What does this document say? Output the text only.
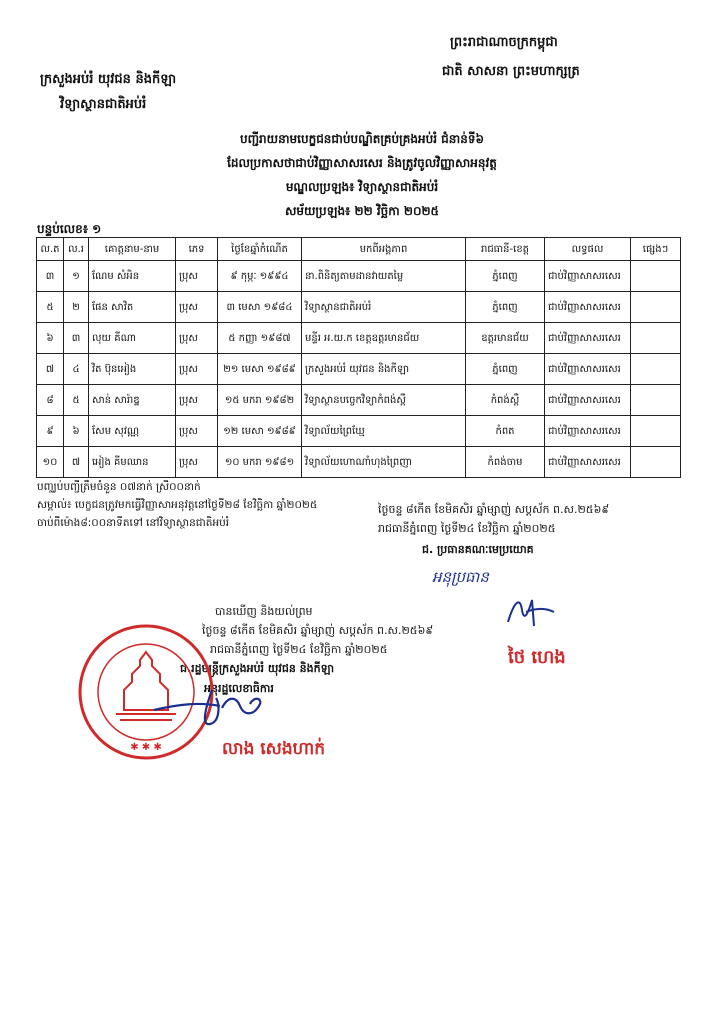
ព្រះរាជាណាចក្រកម្ពុជា
ជាតិ សាសនា ព្រះមហាក្សត្រ
ក្រសួងអប់រំ យុវជន និងកីឡា
វិទ្យាស្ថានជាតិអប់រំ
បញ្ជីរាយនាមបេក្ខជនជាប់បណ្ឌិតគ្រប់គ្រងអប់រំ ជំនាន់ទី៦
ដែលប្រកាសថាជាប់វិញ្ញាសាសរសេរ និងត្រូវចូលវិញ្ញាសាអនុវត្ត
មណ្ឌលប្រឡង៖ វិទ្យាស្ថានជាតិអប់រំ
សម័យប្រឡង៖ ២២ វិច្ឆិកា ២០២៥
បន្ទប់លេខ៖ ១
ល.ត	ល.រ	គោត្តនាម-នាម	ភេទ	ថ្ងៃខែឆ្នាំកំណើត	មកពីអង្គភាព	រាជធានី-ខេត្ត	លទ្ធផល	ផ្សេងៗ
៣	១	ណែម សំអិន	ប្រុស	៩ កុម្ភៈ ១៩៩៤	នា.ពិនិត្យតាមដានវាយតម្លៃ	ភ្នំពេញ	ជាប់វិញ្ញាសាសរសេរ	
៥	២	ផែន សាវិត	ប្រុស	៣ មេសា ១៩៨៤	វិទ្យាស្ថានជាតិអប់រំ	ភ្នំពេញ	ជាប់វិញ្ញាសាសរសេរ	
៦	៣	លុយ គីណា	ប្រុស	៥ កញ្ញា ១៩៨៧	មន្ទីរ អ.យ.ក ខេត្តឧត្តរមានជ័យ	ឧត្តរមានជ័យ	ជាប់វិញ្ញាសាសរសេរ	
៧	៤	វិត ប៊ុនអៀង	ប្រុស	២១ មេសា ១៩៨៩	ក្រសួងអប់រំ យុវជន និងកីឡា	ភ្នំពេញ	ជាប់វិញ្ញាសាសរសេរ	
៨	៥	សាន់ សារ៉ាឌ្ឋ	ប្រុស	១៥ មករា ១៩៨២	វិទ្យាស្ថានបច្ចេកវិទ្យាកំពង់ស្ពឺ	កំពង់ស្ពឺ	ជាប់វិញ្ញាសាសរសេរ	
៩	៦	សែម សុវណ្ណ	ប្រុស	១២ មេសា ១៩៨៩	វិទ្យាល័យព្រៃឃ្មែ	កំពត	ជាប់វិញ្ញាសាសរសេរ	
១០	៧	អៀង គីមឈាន	ប្រុស	១០ មករា ១៩៨១	វិទ្យាល័យហោណាំហុងព្រៃញា	កំពង់ចាម	ជាប់វិញ្ញាសាសរសេរ	
បញ្ឈប់បញ្ជីត្រឹមចំនួន ០៧នាក់ ស្រី០០នាក់
សម្គាល់៖ បេក្ខជនត្រូវមកធ្វើវិញ្ញាសាអនុវត្តនៅថ្ងៃទី២៨ ខែវិច្ឆិកា ឆ្នាំ២០២៥
ចាប់ពីម៉ោង៨:០០នាទីតទៅ នៅវិទ្យាស្ថានជាតិអប់រំ
ថ្ងៃចន្ទ ៨កើត ខែមិគសិរ ឆ្នាំម្សាញ់ សប្តស័ក ព.ស.២៥៦៩
រាជធានីភ្នំពេញ ថ្ងៃទី២៤ ខែវិច្ឆិកា ឆ្នាំ២០២៥
ជ. ប្រធានគណៈមេប្រយោគ
អនុប្រធាន
ថៃ ហេង
បានឃើញ និងយល់ព្រម
ថ្ងៃចន្ទ ៨កើត ខែមិគសិរ ឆ្នាំម្សាញ់ សប្តស័ក ព.ស.២៥៦៩
រាជធានីភ្នំពេញ ថ្ងៃទី២៤ ខែវិច្ឆិកា ឆ្នាំ២០២៥
ជ.រដ្ឋមន្ត្រីក្រសួងអប់រំ យុវជន និងកីឡា
អនុរដ្ឋលេខាធិការ
✱ ✱ ✱	លាង សេងហាក់
